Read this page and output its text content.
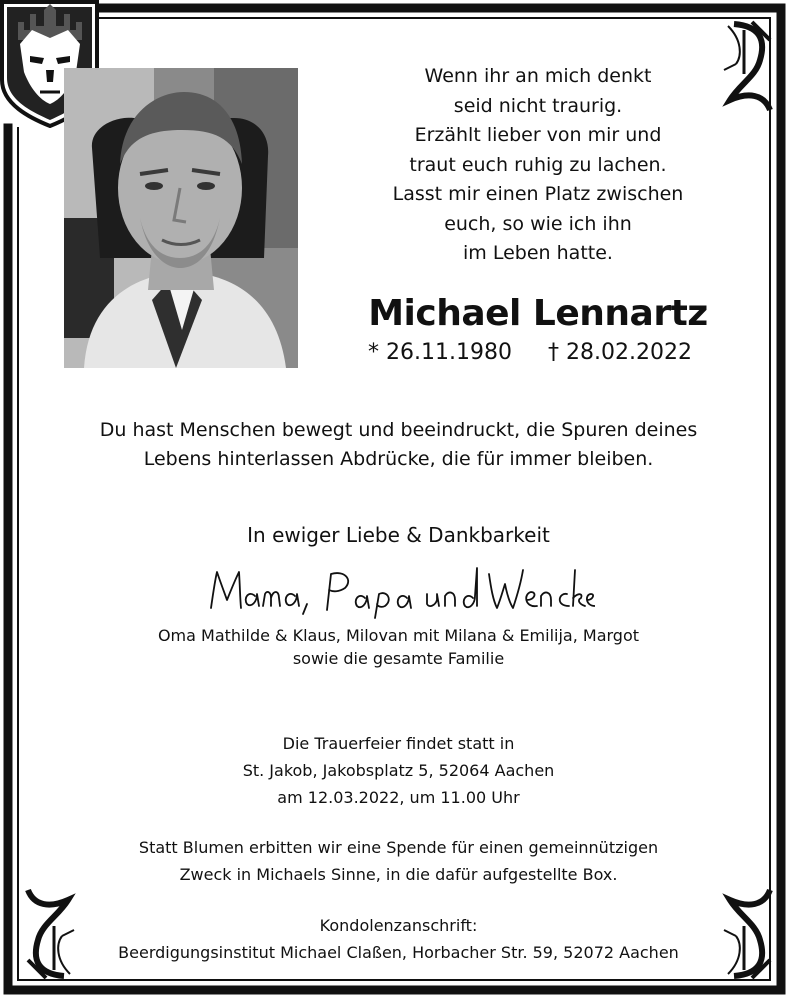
Wenn ihr an mich denkt
seid nicht traurig.
Erzählt lieber von mir und
traut euch ruhig zu lachen.
Lasst mir einen Platz zwischen
euch, so wie ich ihn
im Leben hatte.
Michael Lennartz
* 26.11.1980 † 28.02.2022
Du hast Menschen bewegt und beeindruckt, die Spuren deines
Lebens hinterlassen Abdrücke, die für immer bleiben.
In ewiger Liebe & Dankbarkeit
Oma Mathilde & Klaus, Milovan mit Milana & Emilija, Margot
sowie die gesamte Familie
Die Trauerfeier findet statt in
St. Jakob, Jakobsplatz 5, 52064 Aachen
am 12.03.2022, um 11.00 Uhr
Statt Blumen erbitten wir eine Spende für einen gemeinnützigen
Zweck in Michaels Sinne, in die dafür aufgestellte Box.
Kondolenzanschrift:
Beerdigungsinstitut Michael Claßen, Horbacher Str. 59, 52072 Aachen
